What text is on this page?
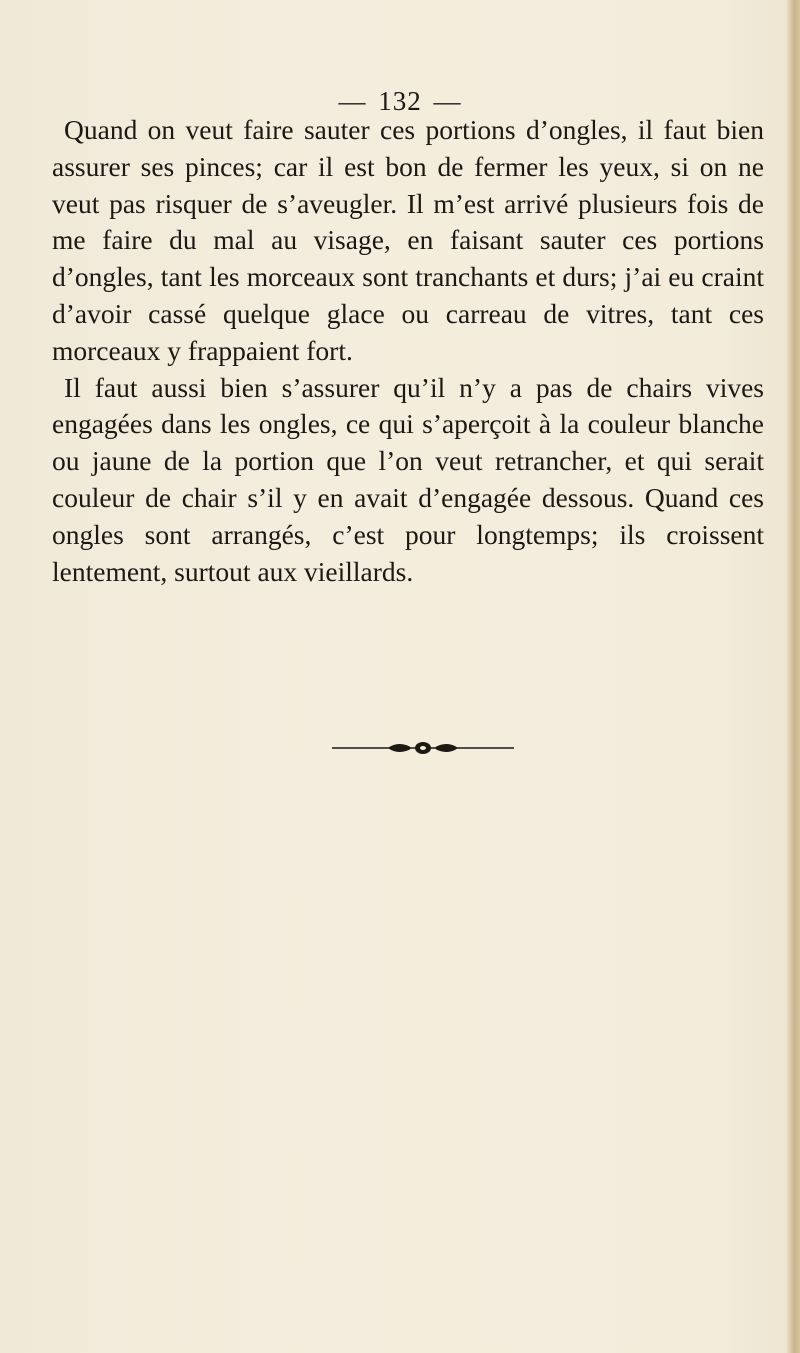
— 132 —

Quand on veut faire sauter ces portions d’ongles, il faut bien assurer ses pinces; car il est bon de fermer les yeux, si on ne veut pas risquer de s’aveugler. Il m’est arrivé plusieurs fois de me faire du mal au visage, en faisant sauter ces portions d’ongles, tant les morceaux sont tranchants et durs; j’ai eu craint d’avoir cassé quelque glace ou carreau de vitres, tant ces morceaux y frappaient fort.

Il faut aussi bien s’assurer qu’il n’y a pas de chairs vives engagées dans les ongles, ce qui s’aperçoit à la couleur blanche ou jaune de la portion que l’on veut retrancher, et qui serait couleur de chair s’il y en avait d’engagée dessous. Quand ces ongles sont arrangés, c’est pour longtemps; ils croissent lentement, surtout aux vieillards.
